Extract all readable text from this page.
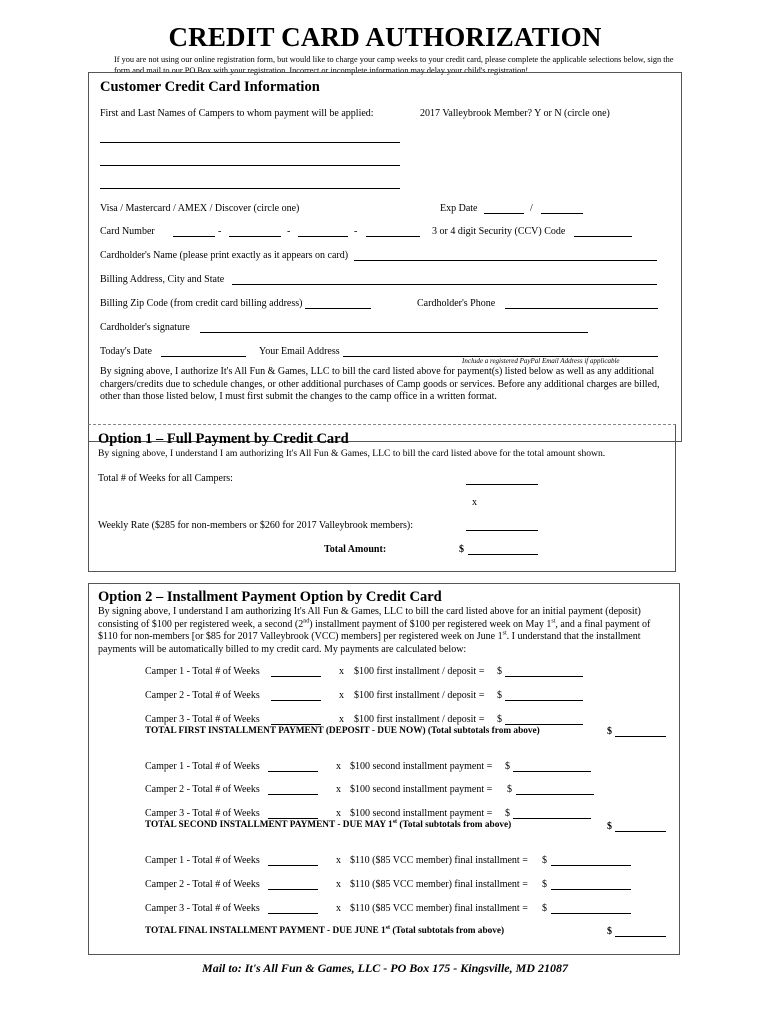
CREDIT CARD AUTHORIZATION
If you are not using our online registration form, but would like to charge your camp weeks to your credit card, please complete the applicable selections below, sign the form and mail to our PO Box with your registration. Incorrect or incomplete information may delay your child's registration!
Customer Credit Card Information
First and Last Names of Campers to whom payment will be applied:	2017 Valleybrook Member? Y or N (circle one)
Visa / Mastercard / AMEX / Discover (circle one)	Exp Date	/
Card Number	-	-	-	3 or 4 digit Security (CCV) Code
Cardholder's Name (please print exactly as it appears on card)
Billing Address, City and State
Billing Zip Code (from credit card billing address)	Cardholder's Phone
Cardholder's signature
Today's Date	Your Email Address
Include a registered PayPal Email Address if applicable
By signing above, I authorize It's All Fun & Games, LLC to bill the card listed above for payment(s) listed below as well as any additional chargers/credits due to schedule changes, or other additional purchases of Camp goods or services. Before any additional charges are billed, other than those listed below, I must first submit the changes to the camp office in a written format.
Option 1 – Full Payment by Credit Card
By signing above, I understand I am authorizing It's All Fun & Games, LLC to bill the card listed above for the total amount shown.
Total # of Weeks for all Campers:
x
Weekly Rate ($285 for non-members or $260 for 2017 Valleybrook members):
Total Amount:	$
Option 2 – Installment Payment Option by Credit Card
By signing above, I understand I am authorizing It's All Fun & Games, LLC to bill the card listed above for an initial payment (deposit) consisting of $100 per registered week, a second (2nd) installment payment of $100 per registered week on May 1st, and a final payment of $110 for non-members [or $85 for 2017 Valleybrook (VCC) members] per registered week on June 1st. I understand that the installment payments will be automatically billed to my credit card. My payments are calculated below:
Camper 1 - Total # of Weeks	x $100 first installment / deposit = $
Camper 2 - Total # of Weeks	x $100 first installment / deposit = $
Camper 3 - Total # of Weeks	x $100 first installment / deposit = $
TOTAL FIRST INSTALLMENT PAYMENT (DEPOSIT - DUE NOW) (Total subtotals from above)	$
Camper 1 - Total # of Weeks	x $100 second installment payment = $
Camper 2 - Total # of Weeks	x $100 second installment payment = $
Camper 3 - Total # of Weeks	x $100 second installment payment = $
TOTAL SECOND INSTALLMENT PAYMENT - DUE MAY 1st (Total subtotals from above)	$
Camper 1 - Total # of Weeks	x $110 ($85 VCC member) final installment = $
Camper 2 - Total # of Weeks	x $110 ($85 VCC member) final installment = $
Camper 3 - Total # of Weeks	x $110 ($85 VCC member) final installment = $
TOTAL FINAL INSTALLMENT PAYMENT - DUE JUNE 1st (Total subtotals from above)	$
Mail to: It's All Fun & Games, LLC - PO Box 175 - Kingsville, MD 21087
